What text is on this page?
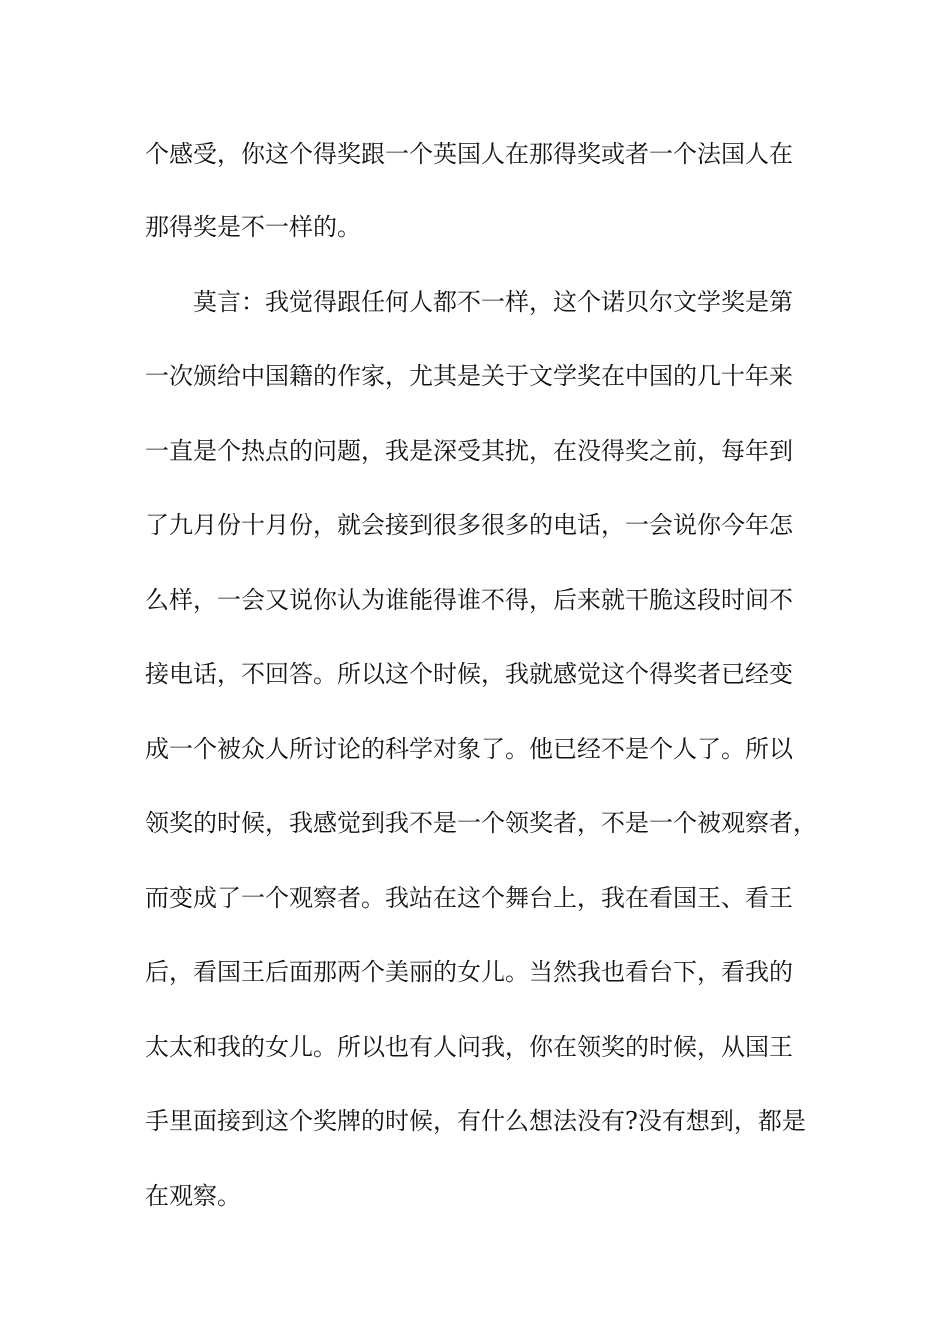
个感受，你这个得奖跟一个英国人在那得奖或者一个法国人在
那得奖是不一样的。
莫言：我觉得跟任何人都不一样，这个诺贝尔文学奖是第
一次颁给中国籍的作家，尤其是关于文学奖在中国的几十年来
一直是个热点的问题，我是深受其扰，在没得奖之前，每年到
了九月份十月份，就会接到很多很多的电话，一会说你今年怎
么样，一会又说你认为谁能得谁不得，后来就干脆这段时间不
接电话，不回答。所以这个时候，我就感觉这个得奖者已经变
成一个被众人所讨论的科学对象了。他已经不是个人了。所以
领奖的时候，我感觉到我不是一个领奖者，不是一个被观察者，
而变成了一个观察者。我站在这个舞台上，我在看国王、看王
后，看国王后面那两个美丽的女儿。当然我也看台下，看我的
太太和我的女儿。所以也有人问我，你在领奖的时候，从国王
手里面接到这个奖牌的时候，有什么想法没有?没有想到，都是
在观察。
